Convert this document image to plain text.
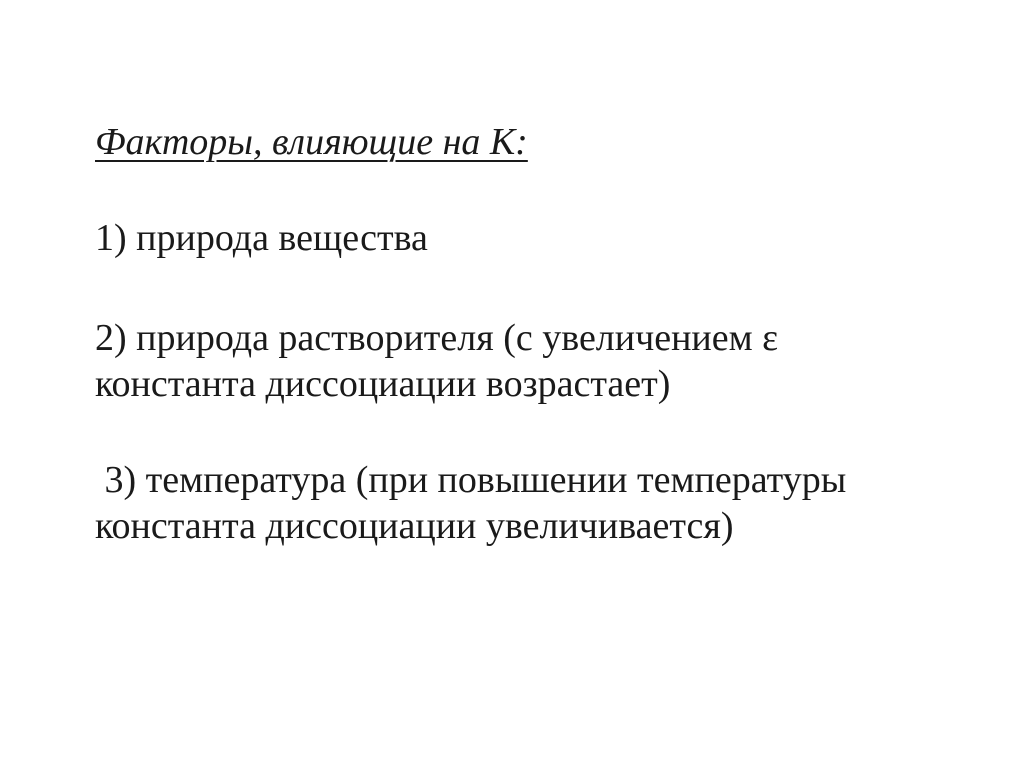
Факторы, влияющие на К:
1) природа вещества
2) природа растворителя (с увеличением ε
константа диссоциации возрастает)
3) температура (при повышении температуры
константа диссоциации увеличивается)
